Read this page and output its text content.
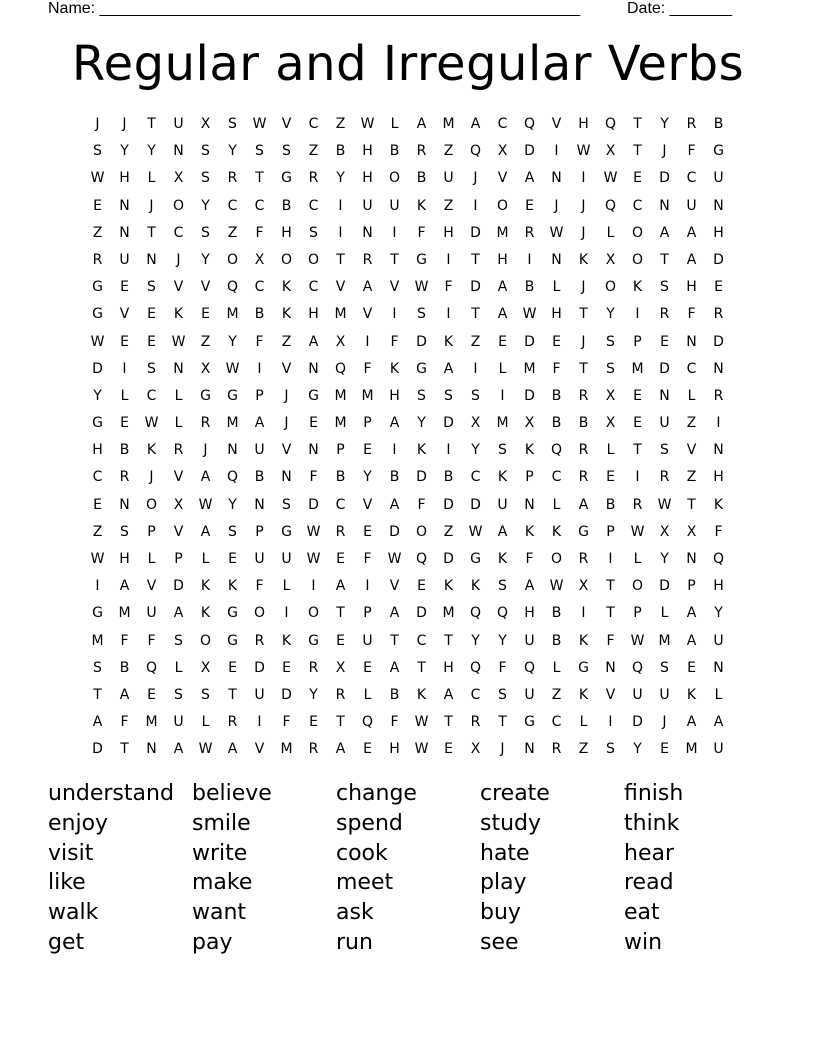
Name: ______________________________________________________	Date: _______
Regular and Irregular Verbs
J	J	T	U	X	S	W	V	C	Z	W	L	A	M	A	C	Q	V	H	Q	T	Y	R	B
S	Y	Y	N	S	Y	S	S	Z	B	H	B	R	Z	Q	X	D	I	W	X	T	J	F	G
W	H	L	X	S	R	T	G	R	Y	H	O	B	U	J	V	A	N	I	W	E	D	C	U
E	N	J	O	Y	C	C	B	C	I	U	U	K	Z	I	O	E	J	J	Q	C	N	U	N
Z	N	T	C	S	Z	F	H	S	I	N	I	F	H	D	M	R	W	J	L	O	A	A	H
R	U	N	J	Y	O	X	O	O	T	R	T	G	I	T	H	I	N	K	X	O	T	A	D
G	E	S	V	V	Q	C	K	C	V	A	V	W	F	D	A	B	L	J	O	K	S	H	E
G	V	E	K	E	M	B	K	H	M	V	I	S	I	T	A	W	H	T	Y	I	R	F	R
W	E	E	W	Z	Y	F	Z	A	X	I	F	D	K	Z	E	D	E	J	S	P	E	N	D
D	I	S	N	X	W	I	V	N	Q	F	K	G	A	I	L	M	F	T	S	M	D	C	N
Y	L	C	L	G	G	P	J	G	M	M	H	S	S	S	I	D	B	R	X	E	N	L	R
G	E	W	L	R	M	A	J	E	M	P	A	Y	D	X	M	X	B	B	X	E	U	Z	I
H	B	K	R	J	N	U	V	N	P	E	I	K	I	Y	S	K	Q	R	L	T	S	V	N
C	R	J	V	A	Q	B	N	F	B	Y	B	D	B	C	K	P	C	R	E	I	R	Z	H
E	N	O	X	W	Y	N	S	D	C	V	A	F	D	D	U	N	L	A	B	R	W	T	K
Z	S	P	V	A	S	P	G	W	R	E	D	O	Z	W	A	K	K	G	P	W	X	X	F
W	H	L	P	L	E	U	U	W	E	F	W	Q	D	G	K	F	O	R	I	L	Y	N	Q
I	A	V	D	K	K	F	L	I	A	I	V	E	K	K	S	A	W	X	T	O	D	P	H
G	M	U	A	K	G	O	I	O	T	P	A	D	M	Q	Q	H	B	I	T	P	L	A	Y
M	F	F	S	O	G	R	K	G	E	U	T	C	T	Y	Y	U	B	K	F	W	M	A	U
S	B	Q	L	X	E	D	E	R	X	E	A	T	H	Q	F	Q	L	G	N	Q	S	E	N
T	A	E	S	S	T	U	D	Y	R	L	B	K	A	C	S	U	Z	K	V	U	U	K	L
A	F	M	U	L	R	I	F	E	T	Q	F	W	T	R	T	G	C	L	I	D	J	A	A
D	T	N	A	W	A	V	M	R	A	E	H	W	E	X	J	N	R	Z	S	Y	E	M	U
understand believe	change	create	finish
enjoy	smile	spend	study	think
visit	write	cook	hate	hear
like	make	meet	play	read
walk	want	ask	buy	eat
get	pay	run	see	win
